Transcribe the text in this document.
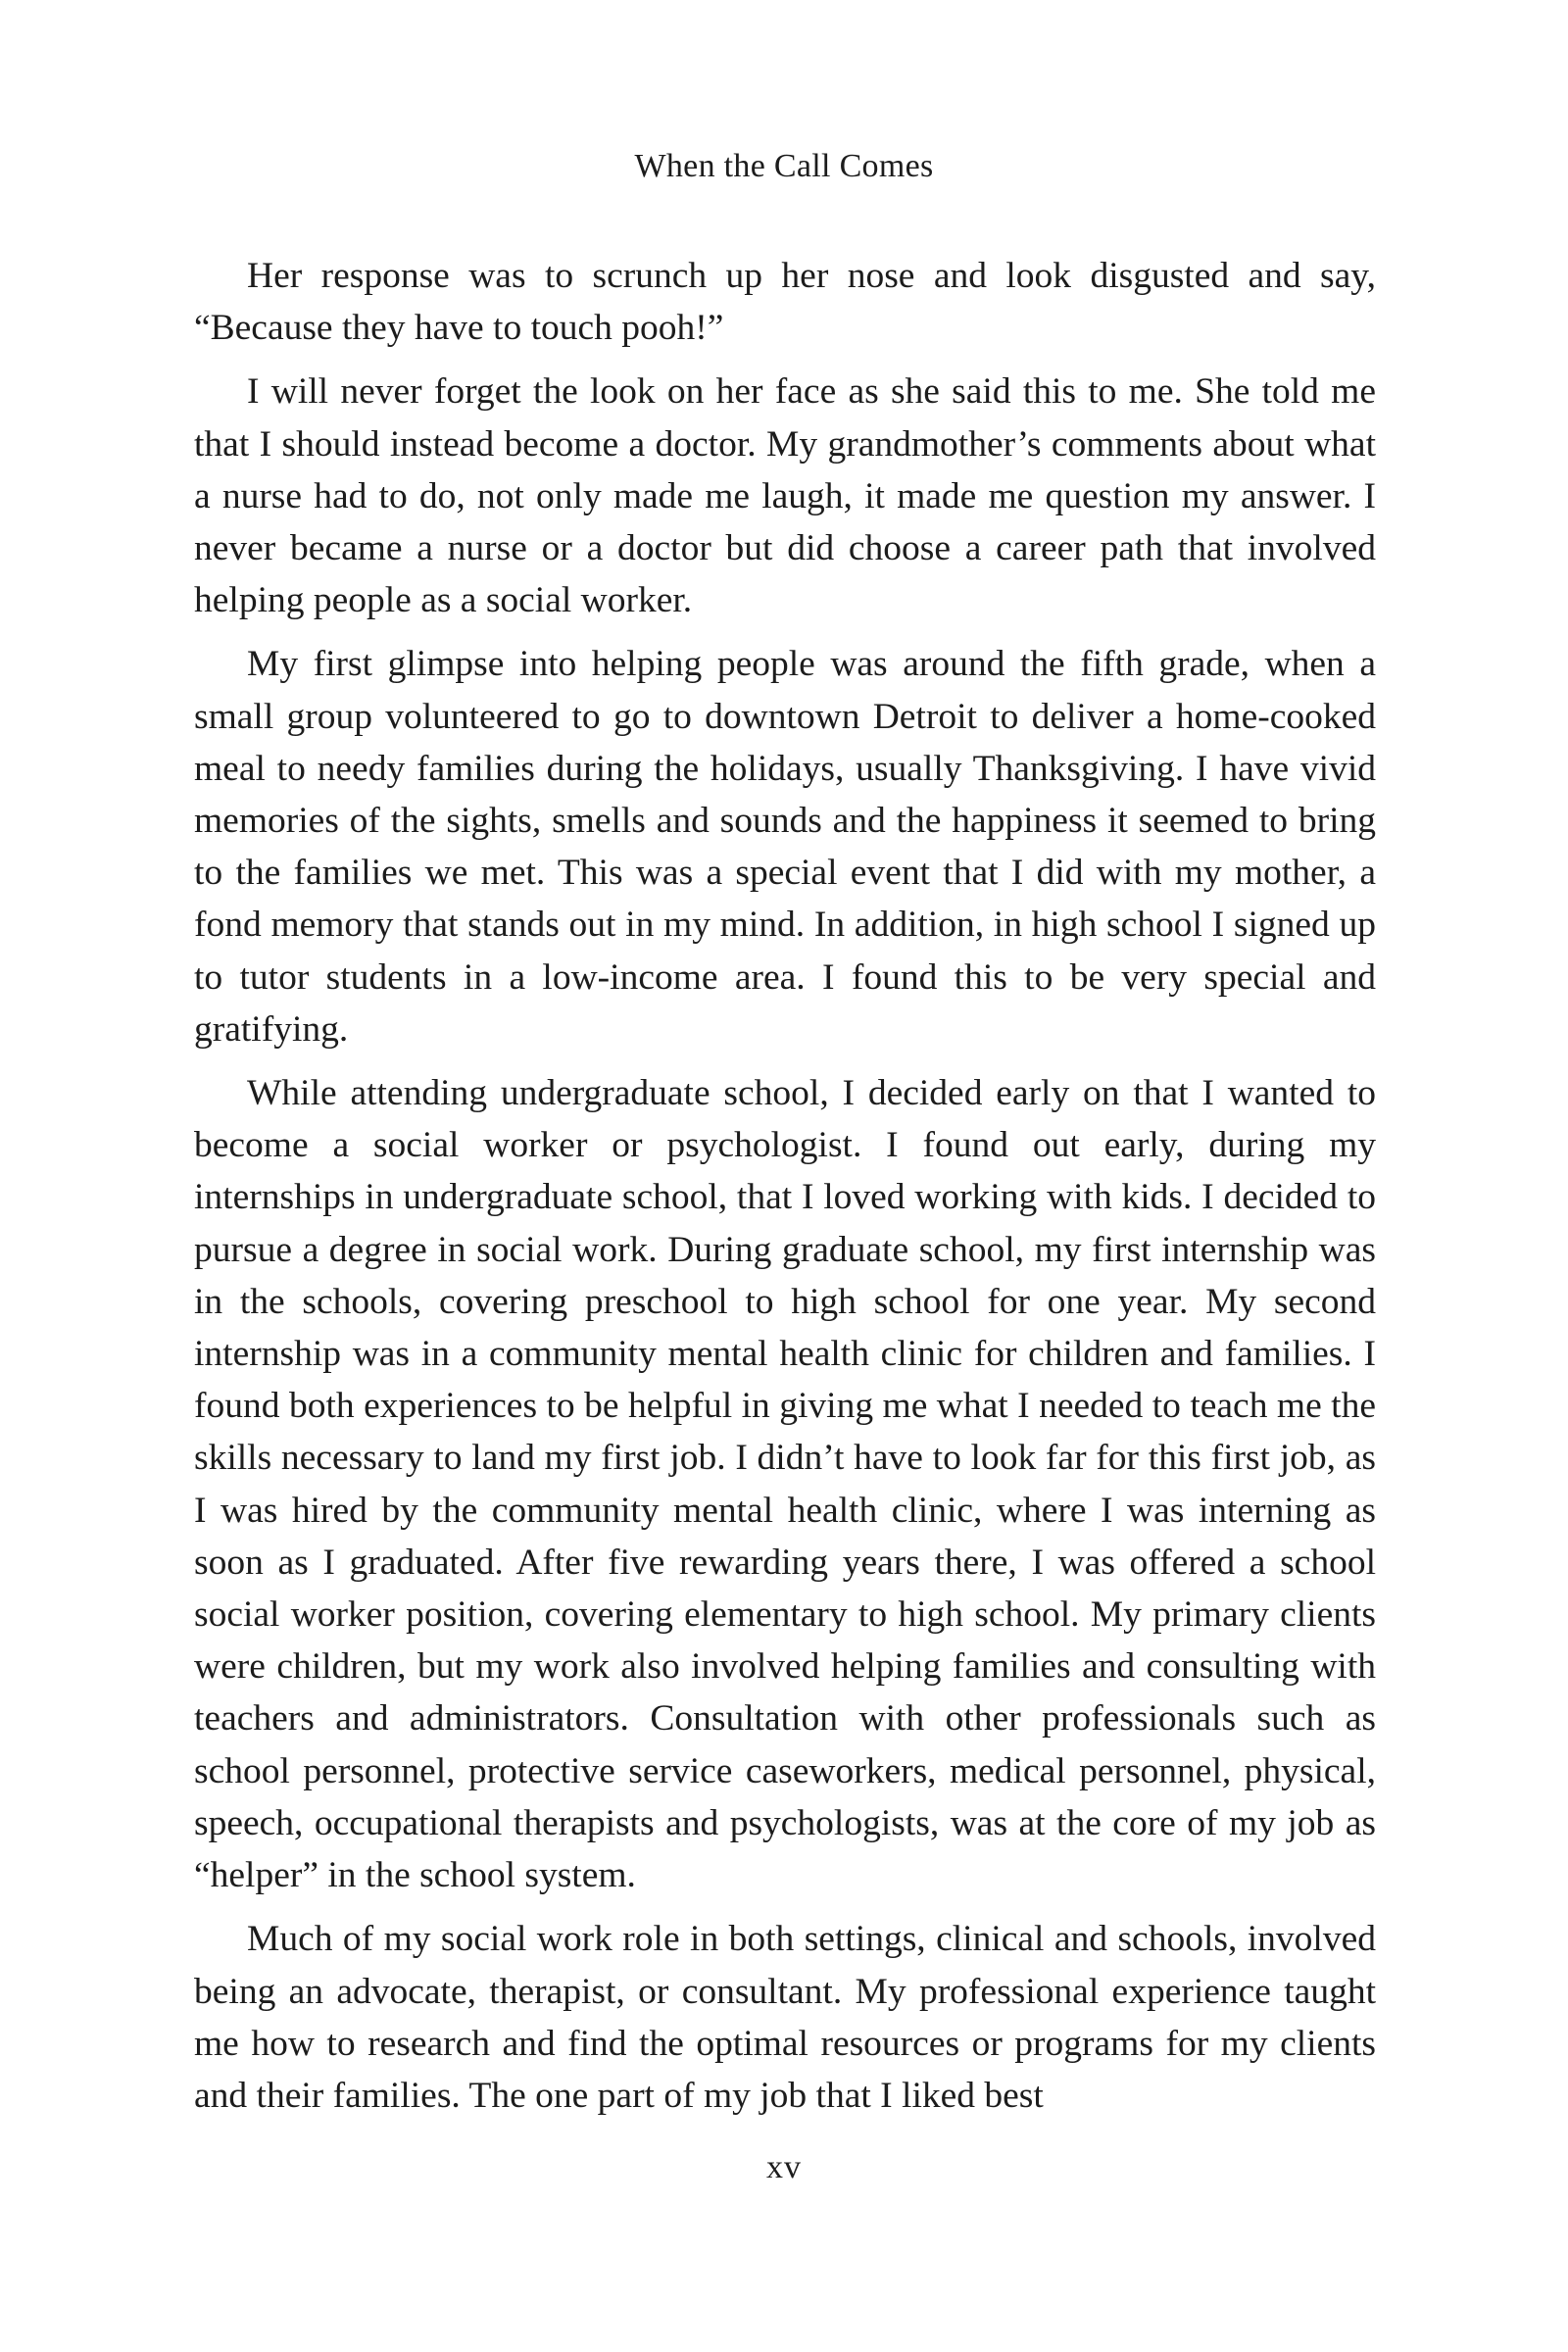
When the Call Comes

Her response was to scrunch up her nose and look disgusted and say, “Because they have to touch pooh!”

I will never forget the look on her face as she said this to me. She told me that I should instead become a doctor. My grandmother’s comments about what a nurse had to do, not only made me laugh, it made me question my answer. I never became a nurse or a doctor but did choose a career path that involved helping people as a social worker.

My first glimpse into helping people was around the fifth grade, when a small group volunteered to go to downtown Detroit to deliver a home-cooked meal to needy families during the holidays, usually Thanksgiving. I have vivid memories of the sights, smells and sounds and the happiness it seemed to bring to the families we met. This was a special event that I did with my mother, a fond memory that stands out in my mind. In addition, in high school I signed up to tutor students in a low-income area. I found this to be very special and gratifying.

While attending undergraduate school, I decided early on that I wanted to become a social worker or psychologist. I found out early, during my internships in undergraduate school, that I loved working with kids. I decided to pursue a degree in social work. During graduate school, my first internship was in the schools, covering preschool to high school for one year. My second internship was in a community mental health clinic for children and families. I found both experiences to be helpful in giving me what I needed to teach me the skills necessary to land my first job. I didn’t have to look far for this first job, as I was hired by the community mental health clinic, where I was interning as soon as I graduated. After five rewarding years there, I was offered a school social worker position, covering elementary to high school. My primary clients were children, but my work also involved helping families and consulting with teachers and administrators. Consultation with other professionals such as school personnel, protective service caseworkers, medical personnel, physical, speech, occupational therapists and psychologists, was at the core of my job as “helper” in the school system.

Much of my social work role in both settings, clinical and schools, involved being an advocate, therapist, or consultant. My professional experience taught me how to research and find the optimal resources or programs for my clients and their families. The one part of my job that I liked best

xv
